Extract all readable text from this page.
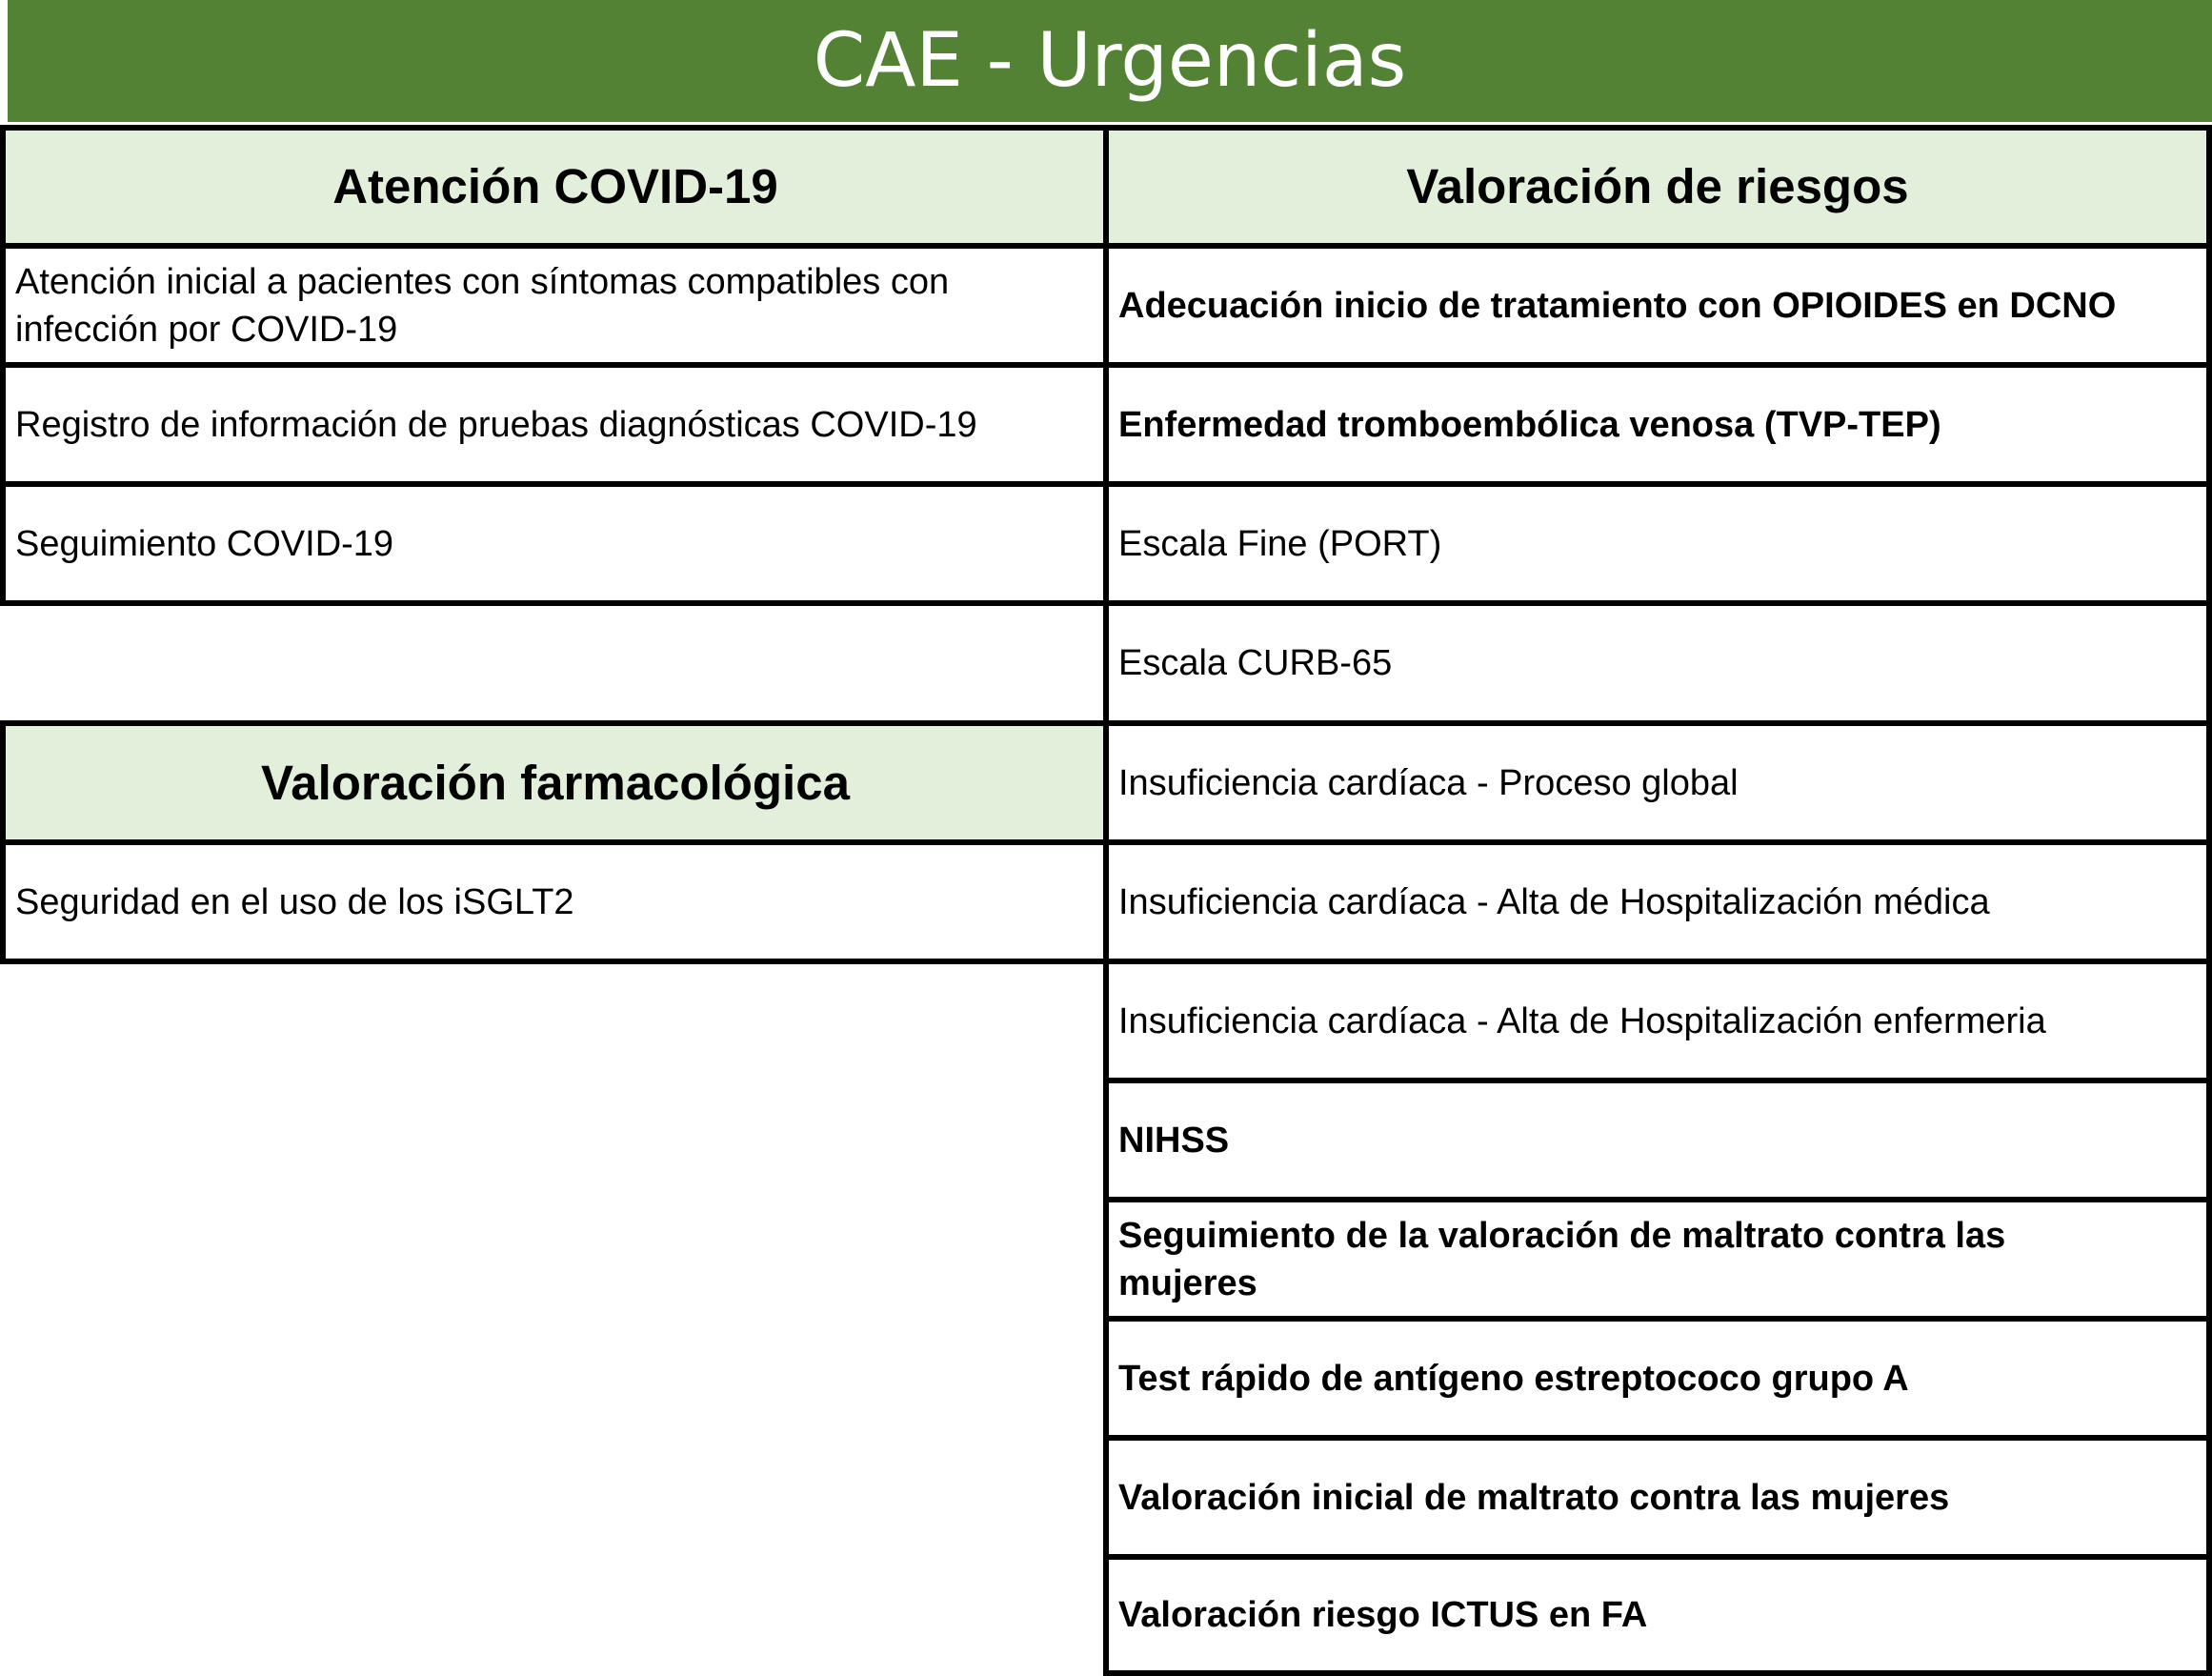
CAE - Urgencias
Atención COVID-19
Atención inicial a pacientes con síntomas compatibles con infección por COVID-19
Registro de información de pruebas diagnósticas COVID-19
Seguimiento COVID-19
Valoración farmacológica
Seguridad en el uso de los iSGLT2
Valoración de riesgos
Adecuación inicio de tratamiento con OPIOIDES en DCNO
Enfermedad tromboembólica venosa (TVP-TEP)
Escala Fine (PORT)
Escala CURB-65
Insuficiencia cardíaca - Proceso global
Insuficiencia cardíaca - Alta de Hospitalización médica
Insuficiencia cardíaca - Alta de Hospitalización enfermeria
NIHSS
Seguimiento de la valoración de maltrato contra las mujeres
Test rápido de antígeno estreptococo grupo A
Valoración inicial de maltrato contra las mujeres
Valoración riesgo ICTUS en FA
